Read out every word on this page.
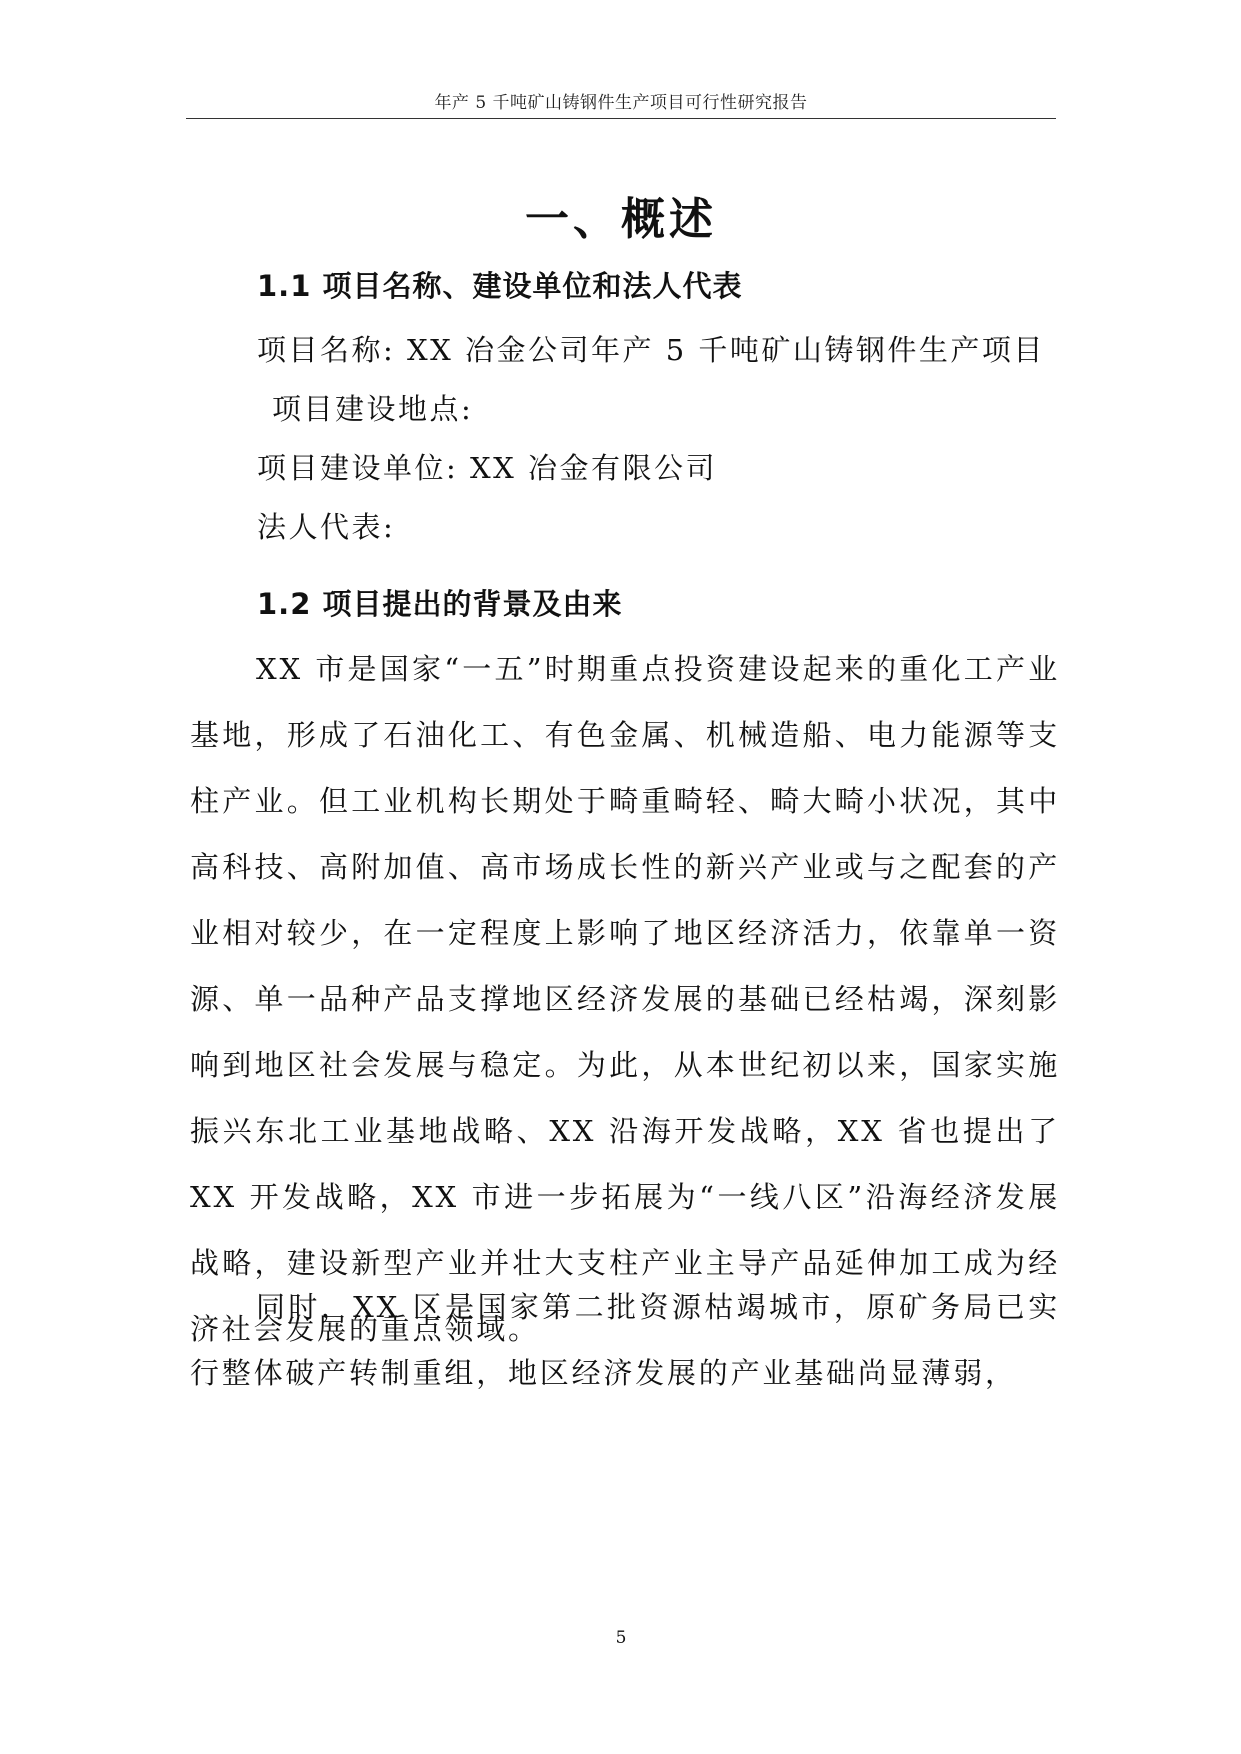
年产 5 千吨矿山铸钢件生产项目可行性研究报告
一、概述
1.1 项目名称、建设单位和法人代表
项目名称: XX 冶金公司年产 5 千吨矿山铸钢件生产项目
项目建设地点:
项目建设单位: XX 冶金有限公司
法人代表:
1.2 项目提出的背景及由来

XX 市是国家“一五”时期重点投资建设起来的重化工产业基地，形成了石油化工、有色金属、机械造船、电力能源等支柱产业。但工业机构长期处于畸重畸轻、畸大畸小状况，其中高科技、高附加值、高市场成长性的新兴产业或与之配套的产业相对较少，在一定程度上影响了地区经济活力，依靠单一资源、单一品种产品支撑地区经济发展的基础已经枯竭，深刻影响到地区社会发展与稳定。为此，从本世纪初以来，国家实施振兴东北工业基地战略、XX 沿海开发战略，XX 省也提出了 XX 开发战略，XX 市进一步拓展为“一线八区”沿海经济发展战略，建设新型产业并壮大支柱产业主导产品延伸加工成为经济社会发展的重点领域。

同时，XX 区是国家第二批资源枯竭城市，原矿务局已实行整体破产转制重组，地区经济发展的产业基础尚显薄弱，

5
